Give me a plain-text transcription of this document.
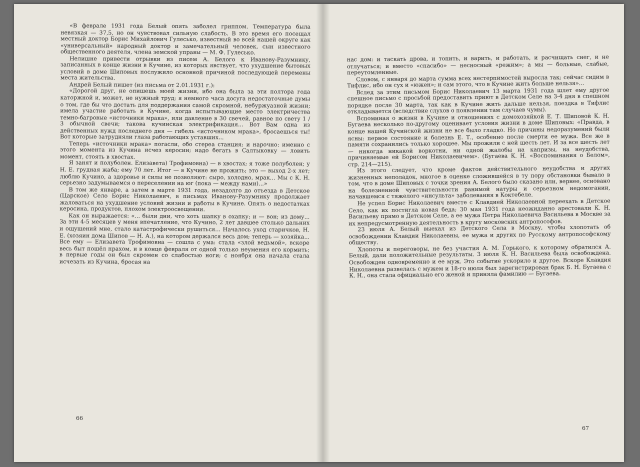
«В феврале 1931 года Белый опять заболел гриппом. Температура была невязкая — 37,5, но он чувствовал сильную слабость. В это время его посещал местный доктор Борис Михайлович Гулесько, известный во всей нашей округе как «универсальный» народный доктор и замечательный человек, сын известного общественного деятеля, члена земской управы — М. Ф. Гулесько.

Нелишне привести отрывки из писем А. Белого к Иванову-Разумнику, записанных в конце жизни в Кучине, из которых явствует, что ухудшение бытовых условий в доме Шиповых послужило основной причиной последующей перемены места жительства.

Андрей Белый пишет (из письма от 2.01.1931 г.):

«Дорогой друг, не опишешь моей жизни, ибо она была за эти полтора года каторжной и, может, не нужный труд; я немного часа досуга недостаточные думы о том, где бы что достать для поддержания самой скромной, небуржуазной жизни; имела участие работать в Кучине, когда испытывающие место электричества темно-багровые «источники мрака», или давление в 30 свечей, равное по свету 1 / 3 обычной свечи; такова кучинская электрификация... Вот Вам одна из действенных нужд последнего дня — гибель «источником мрака», бросаешься ты! Вот которые затрудняли глаза работающих уставших...

Теперь «источники мрака» погасли, обо стереа станция; и нарочно: именно с этого момента из Кучина исчез керосин; надо бегать в Салтыковку — ловить момент, стоять в хвостах.

Я занят и полуболен. Елизавета) Трофимовна) — в хвостах; я тоже полуболен; у Н. Е. грудная жаба; ему 70 лет. Итог — в Кучине не прожить; это — выход 2-х лет; люблю Кучино, а здоровье и силы не позволяют: сыро, холодно, мрак... Мы с К. Н. серьезно задумываемся о переселении на юг (пока — между нами)...»

В том же январе, а затем в марте 1931 года, незадолго до отъезда в Детское (Царское) Село Борис Николаевич, в письмах Иванову-Разумнику продолжает жаловаться на ухудшение условий жизни и работы в Кучине. Опять о недостатках керосина, продуктов, плохом электроосвещении.

Как он выражается: «... были дни, что хоть шапку в охапку; и — вон; из дому... За эти 4-5 месяцев у меня впечатление, что Кучино, 2 лет давшее столько дальних и ощущений мне, стало катастрофически рушиться... Началось уход старичков, Н. Е. (хозяин дома Шипов — Н. А.), на котором держался весь дом; теперь — хозяйка... Все ему — Елизавета Трофимовна — сошла с ума: стала «злой ведьмой», вскоре весь быт пошёл прахом, и в конце февраля от одной только неумения его кормить; в первые годы он был скромен со слабостью ноги; с ноября она начала стала исчезать из Кучина, бросая на

66

нас дом: и таскать дрова, и топить, и варить, и работать, и расчищать снег, и не отлучаться; и вместо «спасибо» — несносный «режим»; а мы — больные, слабые, переутомленные.

Словом, с января до марта сумма всех нестерпимостей выросла так; сейчас сидим в Тифлис, ибо он сух и «южен»; и сам этого, что в Кучине жить больше нельзя»...

Вслед за этим письмом Борис Николаевич 13 марта 1931 года шлет ему другое спешное письмо с просьбой предоставить приют в Детском Селе на 3-4 дня в спешном порядке после 30 марта, так как в Кучине жить дальше нельзя, поездка в Тифлис откладывается (вследствие слухов о появлении там случаев чумы).

Вспоминая о жизни в Кучине и отношениях с домохозяйкой Е. Т. Шиповой К. Н. Бугаева несколько по-другому оценивает условия жизни в доме Шиповых: «Правда, в конце нашей Кучинской жизни не все было гладко. Но причины недоразумений были ясны: первое состояние и болезнь Е. Т., особенно после смерти ее мужа. Все же в памяти сохранились только хорошее. Мы прожили с ней шесть лет. И за все шесть лет — никогда никакой воркотни, ни одной жалобы на капризы, на неудобства, причиняемые ей Борисом Николаевичем». (Бугаева К. Н. «Воспоминания о Белом», стр. 214—215).

Из этого следует, что кроме фактов действительного неудобства и других жизненных неполадок, многое в оценке сложившейся в ту пору обстановки бывало в том, что в доме Шиповых с точки зрения А. Белого было сказано или, вернее, основано на болезненной чувствительности ранимой натуры и серьезном недомогании, начавшемся с тяжелого «инсульта» заболевания в Коктебеле.

Не успел Борис Николаевич вместе с Клавдией Николаевной переехать в Детское Село, как их постигла новая беда; 30 мая 1931 года неожиданно арестовали К. Н. Васильеву прямо в Детском Селе, а ее мужа Петра Николаевича Васильева в Москве за их непредусмотренную деятельность в кругу московских антропософов.

23 июля А. Белый выехал из Детского Села в Москву, чтобы хлопотать об освобождении Клавдии Николаевны, ее мужа и других по Русскому антропософскому обществу.

Хлопоты и переговоры, не без участия А. М. Горького, к которому обратился А. Белый, дали положительные результаты. 3 июля К. Н. Васильева была освобождена. Освобожден одновременно и ее муж. Это событие ускорило и другое. Вскоре Клавдия Николаевна развелась с мужем и 18-го июля был зарегистрирован брак Б. Н. Бугаева с К. Н., она стала официально его женой и приняла фамилию — Бугаева.

67
